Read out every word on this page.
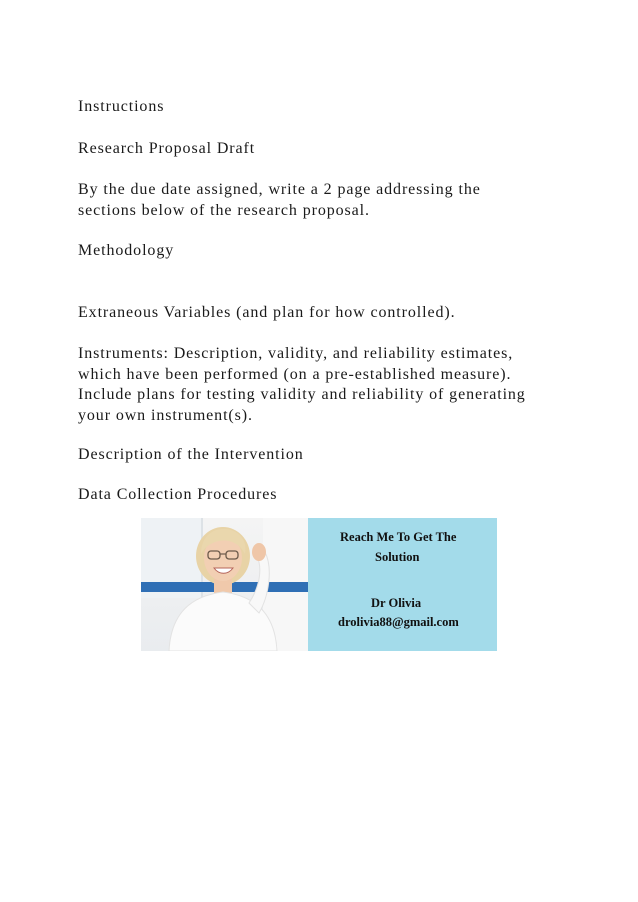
Instructions

Research Proposal Draft

By the due date assigned, write a 2 page addressing the
sections below of the research proposal.

Methodology

Extraneous Variables (and plan for how controlled).

Instruments: Description, validity, and reliability estimates,
which have been performed (on a pre-established measure).
Include plans for testing validity and reliability of generating
your own instrument(s).

Description of the Intervention

Data Collection Procedures

Reach Me To Get The
Solution
Dr Olivia
drolivia88@gmail.com
